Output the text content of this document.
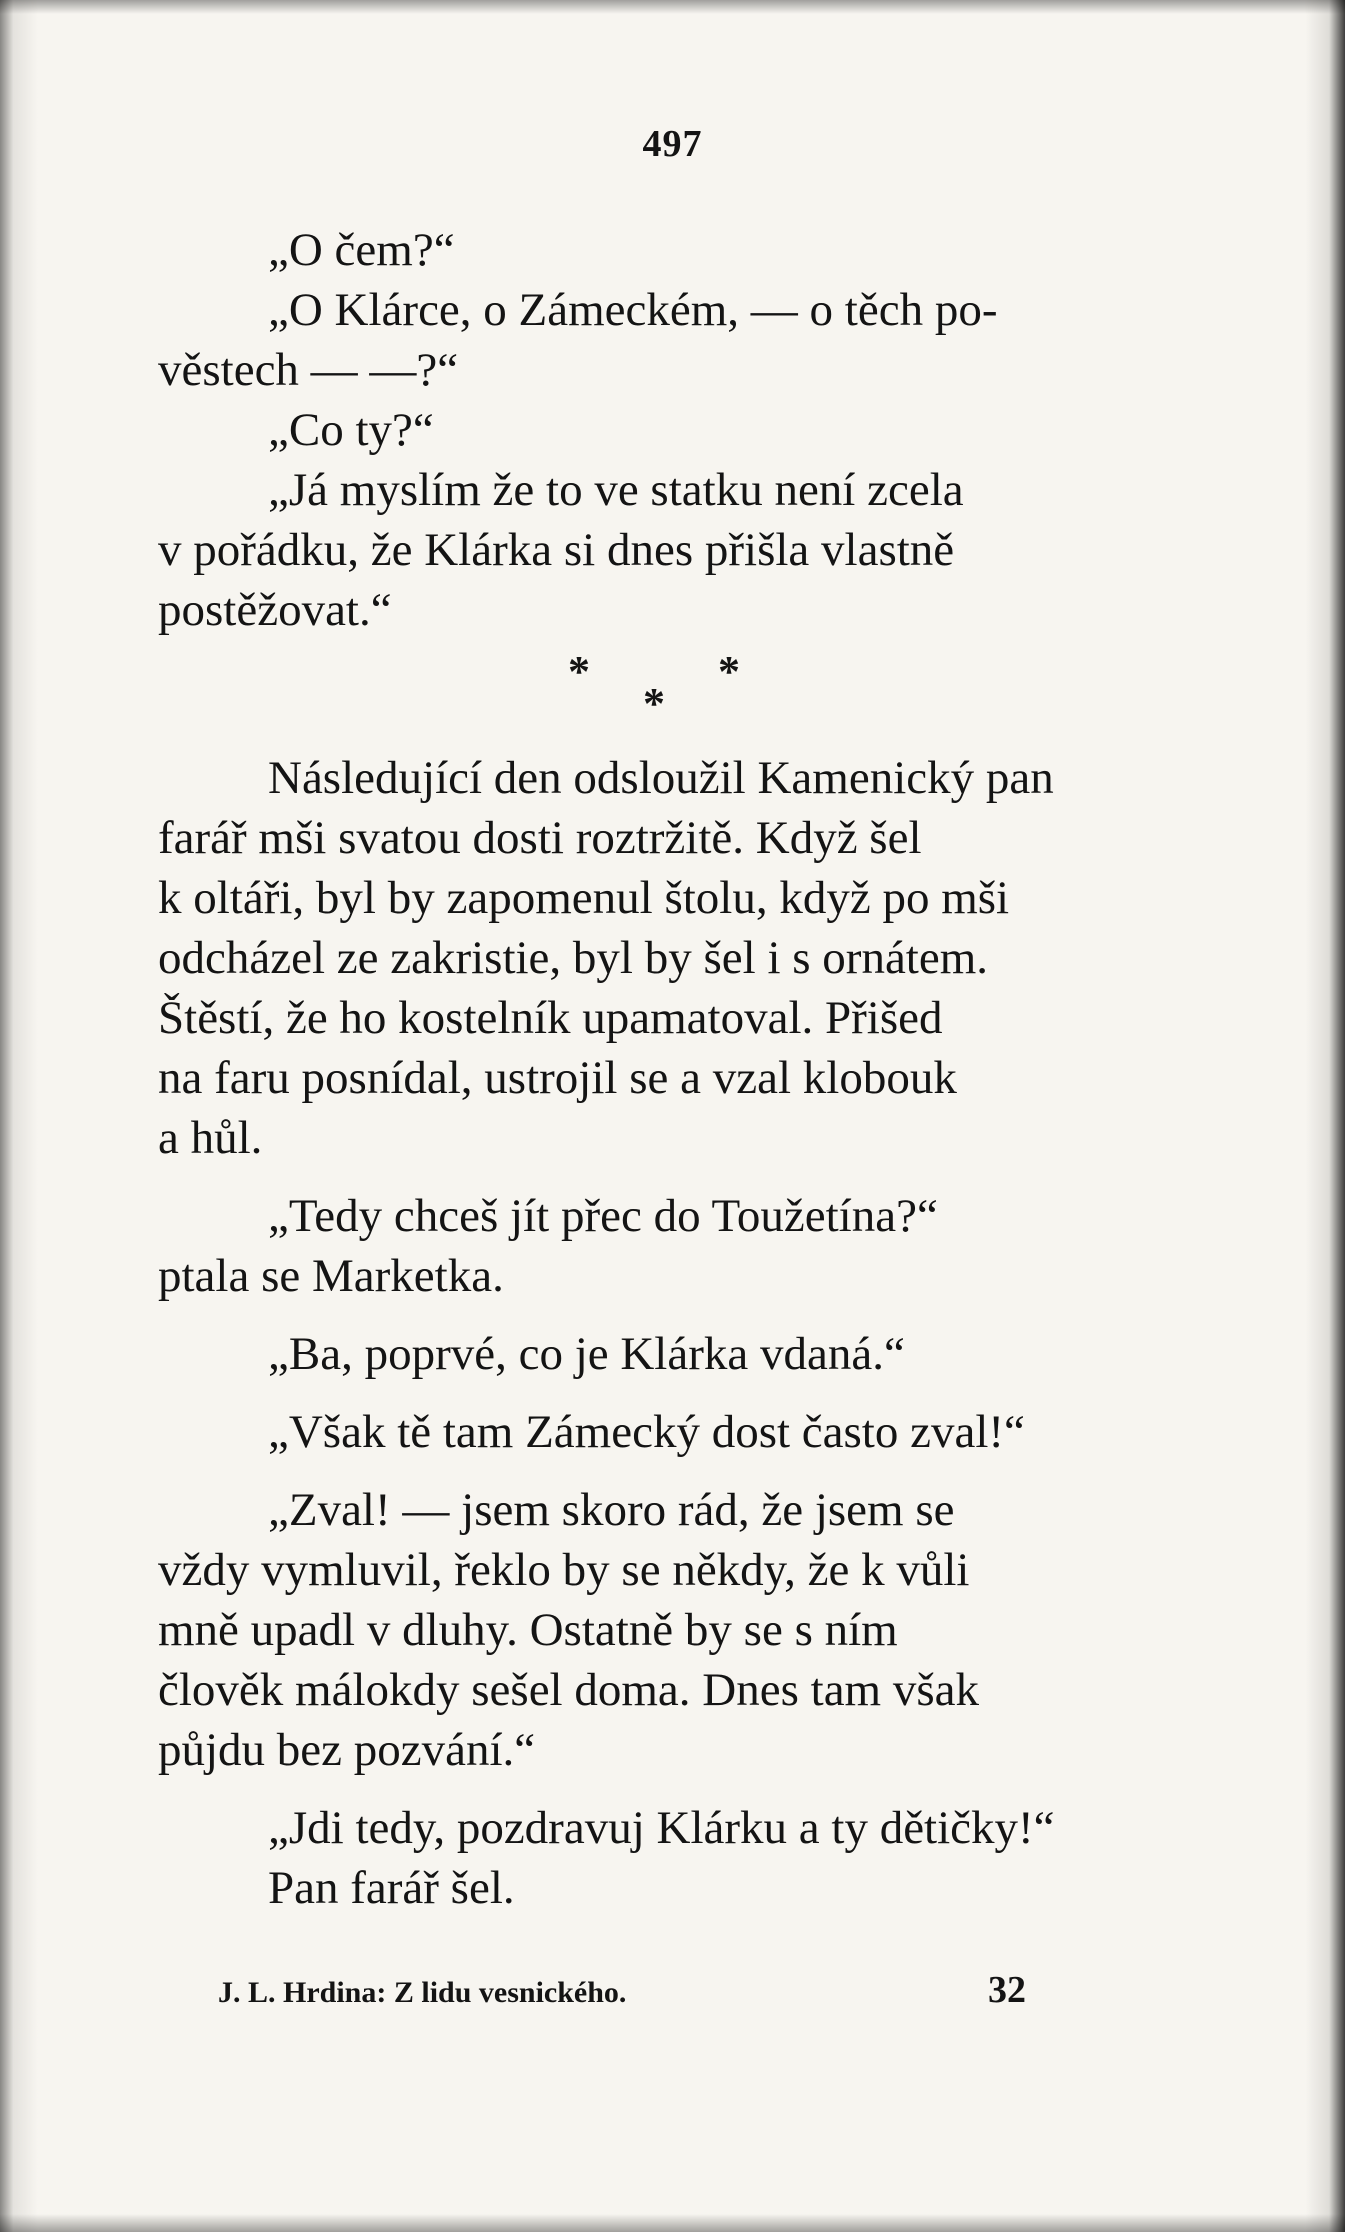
497
„O čem?“
„O Klárce, o Zámeckém, — o těch po-
věstech — —?“
„Co ty?“
„Já myslím že to ve statku není zcela
v pořádku, že Klárka si dnes přišla vlastně
postěžovat.“
*
*
*
Následující den odsloužil Kamenický pan
farář mši svatou dosti roztržitě. Když šel
k oltáři, byl by zapomenul štolu, když po mši
odcházel ze zakristie, byl by šel i s ornátem.
Štěstí, že ho kostelník upamatoval. Přišed
na faru posnídal, ustrojil se a vzal klobouk
a hůl.
„Tedy chceš jít přec do Toužetína?“
ptala se Marketka.
„Ba, poprvé, co je Klárka vdaná.“
„Však tě tam Zámecký dost často zval!“
„Zval! — jsem skoro rád, že jsem se
vždy vymluvil, řeklo by se někdy, že k vůli
mně upadl v dluhy. Ostatně by se s ním
člověk málokdy sešel doma. Dnes tam však
půjdu bez pozvání.“
„Jdi tedy, pozdravuj Klárku a ty dětičky!“
Pan farář šel.
J. L. Hrdina: Z lidu vesnického.	32
